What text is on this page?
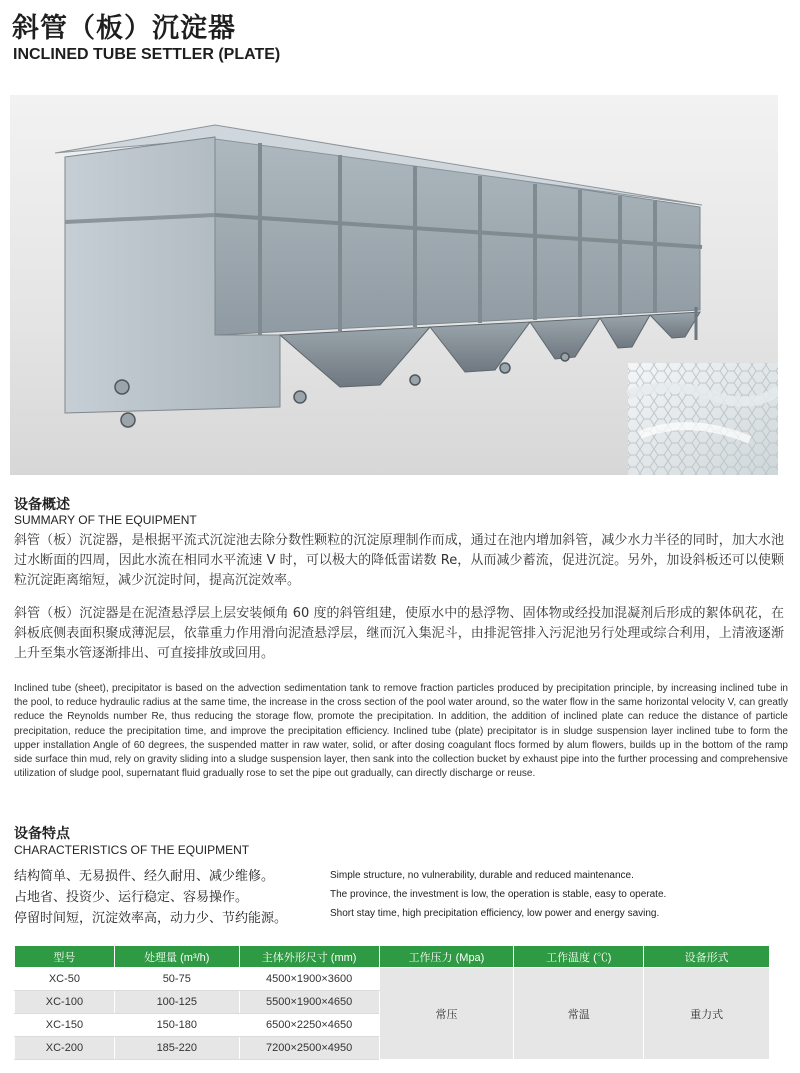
斜管（板）沉淀器
INCLINED TUBE SETTLER (PLATE)
设备概述
SUMMARY OF THE EQUIPMENT
斜管（板）沉淀器，是根据平流式沉淀池去除分数性颗粒的沉淀原理制作而成，通过在池内增加斜管，减少水力半径的同时，加大水池过水断面的四周，因此水流在相同水平流速 V 时，可以极大的降低雷诺数 Re，从而减少蓄流，促进沉淀。另外，加设斜板还可以使颗粒沉淀距离缩短，减少沉淀时间，提高沉淀效率。
斜管（板）沉淀器是在泥渣悬浮层上层安装倾角 60 度的斜管组建，使原水中的悬浮物、固体物或经投加混凝剂后形成的絮体矾花，在斜板底侧表面积聚成薄泥层，依靠重力作用滑向泥渣悬浮层，继而沉入集泥斗，由排泥管排入污泥池另行处理或综合利用，上清液逐渐上升至集水管逐渐排出、可直接排放或回用。
Inclined tube (sheet), precipitator is based on the advection sedimentation tank to remove fraction particles produced by precipitation principle, by increasing inclined tube in the pool, to reduce hydraulic radius at the same time, the increase in the cross section of the pool water around, so the water flow in the same horizontal velocity V, can greatly reduce the Reynolds number Re, thus reducing the storage flow, promote the precipitation. In addition, the addition of inclined plate can reduce the distance of particle precipitation, reduce the precipitation time, and improve the precipitation efficiency. Inclined tube (plate) precipitator is in sludge suspension layer inclined tube to form the upper installation Angle of 60 degrees, the suspended matter in raw water, solid, or after dosing coagulant flocs formed by alum flowers, builds up in the bottom of the ramp side surface thin mud, rely on gravity sliding into a sludge suspension layer, then sank into the collection bucket by exhaust pipe into the further processing and comprehensive utilization of sludge pool, supernatant fluid gradually rose to set the pipe out gradually, can directly discharge or reuse.
设备特点
CHARACTERISTICS OF THE EQUIPMENT
结构简单、无易损件、经久耐用、减少维修。
占地省、投资少、运行稳定、容易操作。
停留时间短，沉淀效率高，动力少、节约能源。
Simple structure, no vulnerability, durable and reduced maintenance.
The province, the investment is low, the operation is stable, easy to operate.
Short stay time, high precipitation efficiency, low power and energy saving.
型号	处理量 (m³/h)	主体外形尺寸 (mm)	工作压力 (Mpa)	工作温度 (℃)	设备形式
XC-50	50-75	4500×1900×3600	常压	常温	重力式
XC-100	100-125	5500×1900×4650			
XC-150	150-180	6500×2250×4650			
XC-200	185-220	7200×2500×4950			
